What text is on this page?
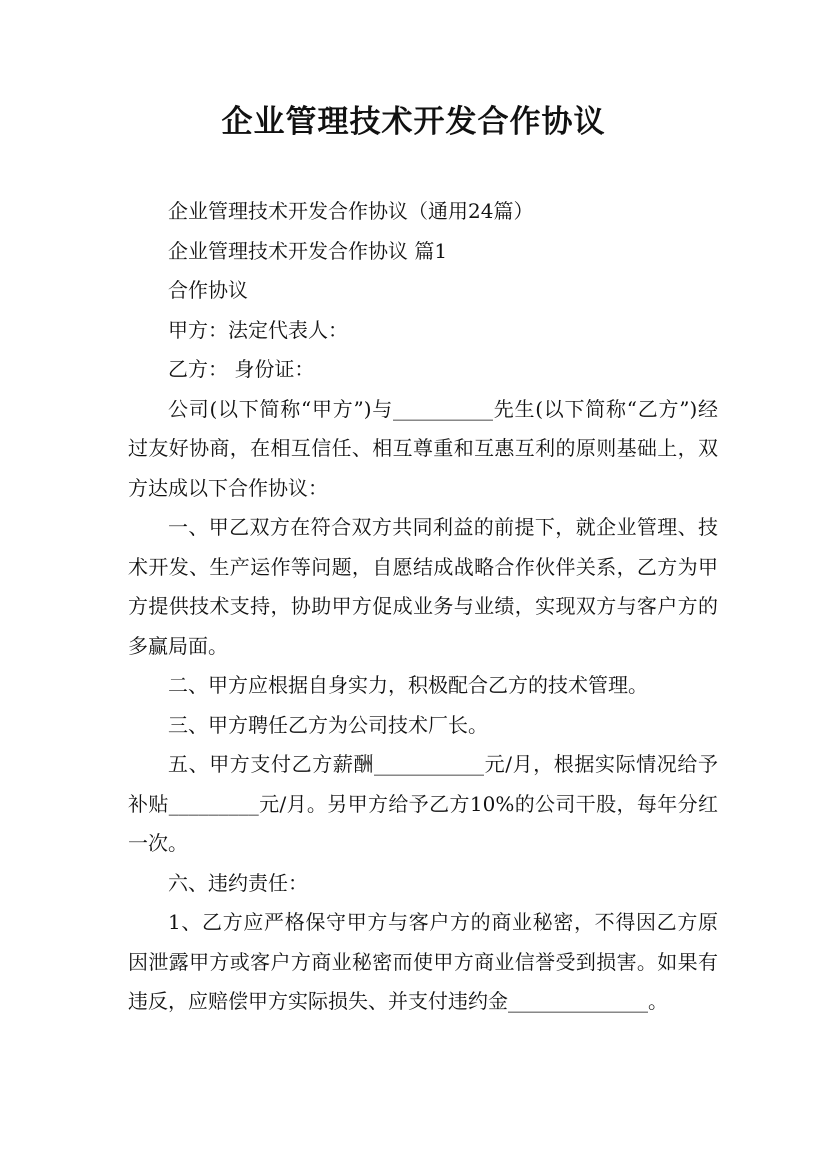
企业管理技术开发合作协议

企业管理技术开发合作协议（通用24篇）

企业管理技术开发合作协议 篇1

合作协议

甲方：法定代表人：

乙方： 身份证：

公司(以下简称“甲方”)与__________先生(以下简称“乙方”)经过友好协商，在相互信任、相互尊重和互惠互利的原则基础上，双方达成以下合作协议：

一、甲乙双方在符合双方共同利益的前提下，就企业管理、技术开发、生产运作等问题，自愿结成战略合作伙伴关系，乙方为甲方提供技术支持，协助甲方促成业务与业绩，实现双方与客户方的多赢局面。

二、甲方应根据自身实力，积极配合乙方的技术管理。

三、甲方聘任乙方为公司技术厂长。

五、甲方支付乙方薪酬___________元/月，根据实际情况给予补贴_________元/月。另甲方给予乙方10%的公司干股，每年分红一次。

六、违约责任：

1、乙方应严格保守甲方与客户方的商业秘密，不得因乙方原因泄露甲方或客户方商业秘密而使甲方商业信誉受到损害。如果有违反，应赔偿甲方实际损失、并支付违约金______________。
